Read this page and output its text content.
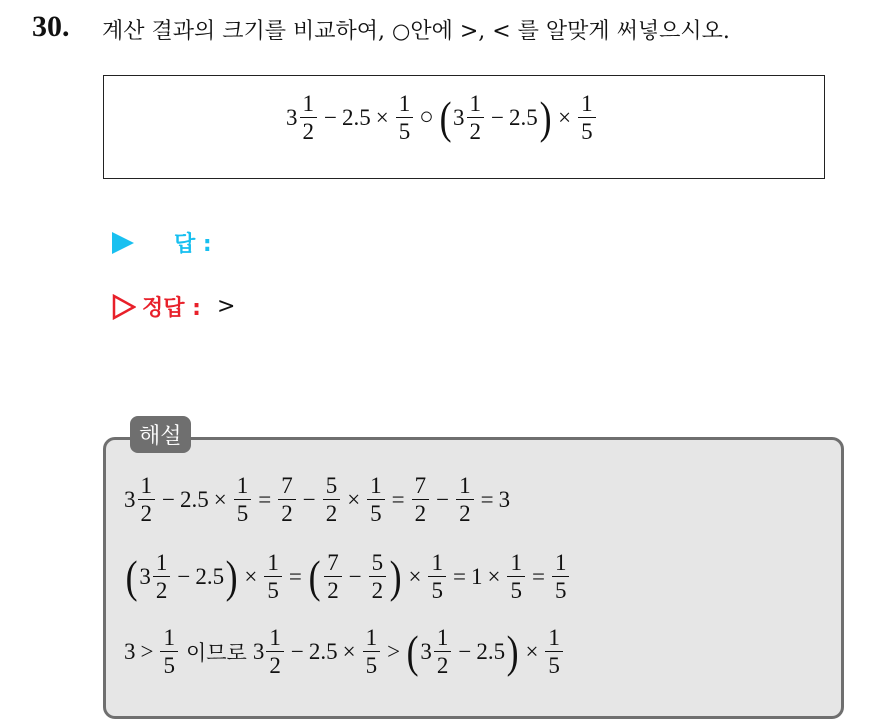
30. 계산 결과의 크기를 비교하여, ○안에 >, < 를 알맞게 써넣으시오.
$3 \frac{1}{2} - 2.5 \times \frac{1}{5}$ ○ ( $3 \frac{1}{2} - 2.5$ ) × $\frac{1}{5}$
답 :
정답 : >
해설
$3 \frac{1}{2} - 2.5 \times \frac{1}{5} = \frac{7}{2} - \frac{5}{2} \times \frac{1}{5} = \frac{7}{2} - \frac{1}{2} = 3$
( $3 \frac{1}{2} - 2.5$ ) × $\frac{1}{5}$ = ( $\frac{7}{2} - \frac{5}{2}$ ) × $\frac{1}{5} = 1 \times \frac{1}{5} = \frac{1}{5}$
$3 > \frac{1}{5}$ 이므로 $3 \frac{1}{2} - 2.5 \times \frac{1}{5}$ > ( $3 \frac{1}{2} - 2.5$ ) × $\frac{1}{5}$
